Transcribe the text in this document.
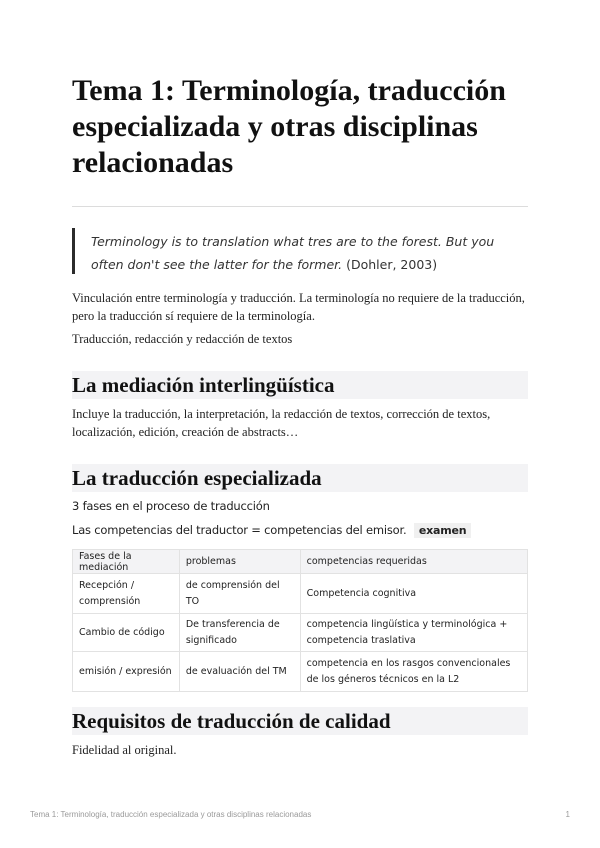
Tema 1: Terminología, traducción especializada y otras disciplinas relacionadas
Terminology is to translation what tres are to the forest. But you often don't see the latter for the former. (Dohler, 2003)

Vinculación entre terminología y traducción. La terminología no requiere de la traducción, pero la traducción sí requiere de la terminología.

Traducción, redacción y redacción de textos

La mediación interlingüística

Incluye la traducción, la interpretación, la redacción de textos, corrección de textos, localización, edición, creación de abstracts…

La traducción especializada

3 fases en el proceso de traducción

Las competencias del traductor = competencias del emisor. examen

Fases de la mediación	problemas	competencias requeridas
Recepción / comprensión	de comprensión del TO	Competencia cognitiva
Cambio de código	De transferencia de significado	competencia lingüística y terminológica + competencia traslativa
emisión / expresión	de evaluación del TM	competencia en los rasgos convencionales de los géneros técnicos en la L2
Requisitos de traducción de calidad

Fidelidad al original.

Tema 1: Terminología, traducción especializada y otras disciplinas relacionadas	1
